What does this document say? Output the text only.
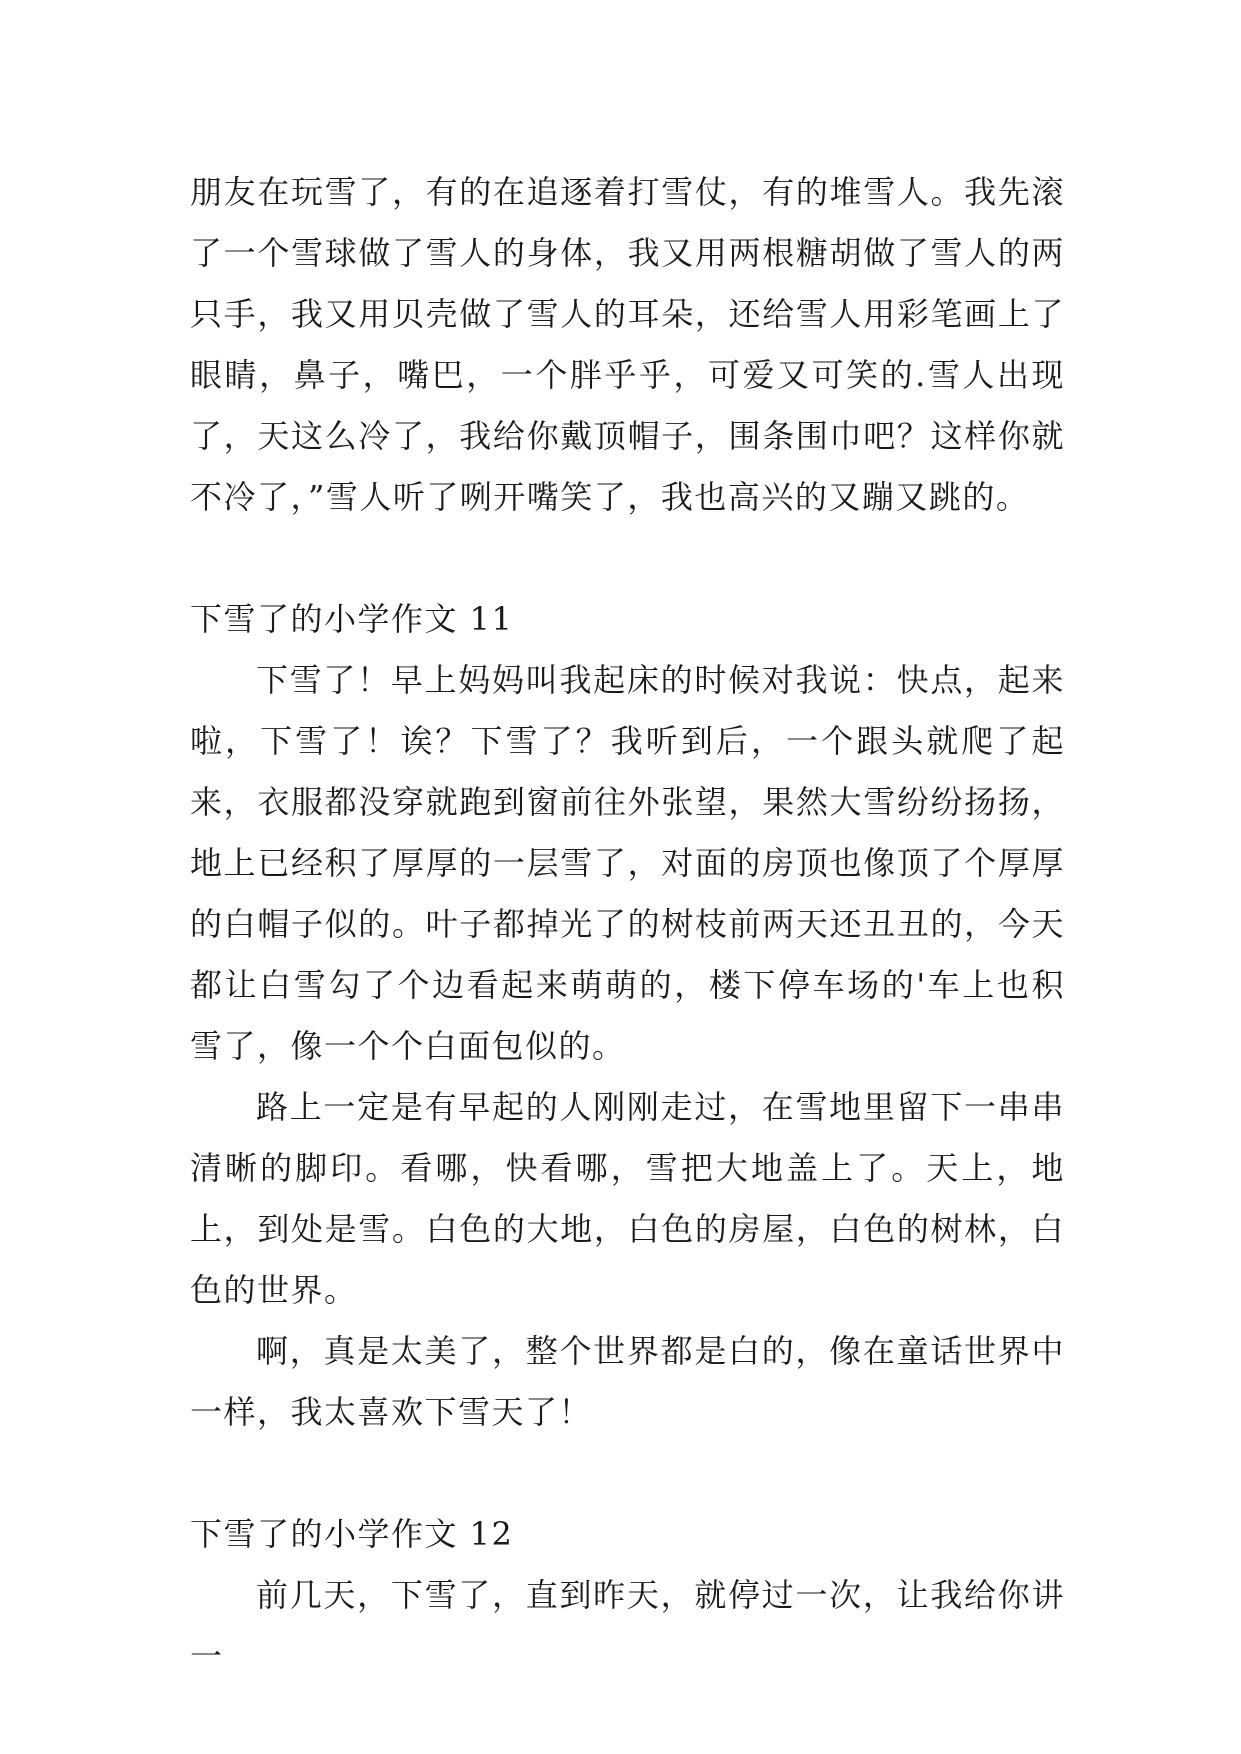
朋友在玩雪了，有的在追逐着打雪仗，有的堆雪人。我先滚了一个雪球做了雪人的身体，我又用两根糖胡做了雪人的两只手，我又用贝壳做了雪人的耳朵，还给雪人用彩笔画上了眼睛，鼻子，嘴巴，一个胖乎乎，可爱又可笑的.雪人出现了，天这么冷了，我给你戴顶帽子，围条围巾吧？这样你就不冷了，”雪人听了咧开嘴笑了，我也高兴的又蹦又跳的。

下雪了的小学作文 11

下雪了！早上妈妈叫我起床的时候对我说：快点，起来啦，下雪了！诶？下雪了？我听到后，一个跟头就爬了起来，衣服都没穿就跑到窗前往外张望，果然大雪纷纷扬扬，地上已经积了厚厚的一层雪了，对面的房顶也像顶了个厚厚的白帽子似的。叶子都掉光了的树枝前两天还丑丑的，今天都让白雪勾了个边看起来萌萌的，楼下停车场的'车上也积雪了，像一个个白面包似的。

路上一定是有早起的人刚刚走过，在雪地里留下一串串清晰的脚印。看哪，快看哪，雪把大地盖上了。天上，地上，到处是雪。白色的大地，白色的房屋，白色的树林，白色的世界。

啊，真是太美了，整个世界都是白的，像在童话世界中一样，我太喜欢下雪天了！

下雪了的小学作文 12

前几天，下雪了，直到昨天，就停过一次，让我给你讲一
